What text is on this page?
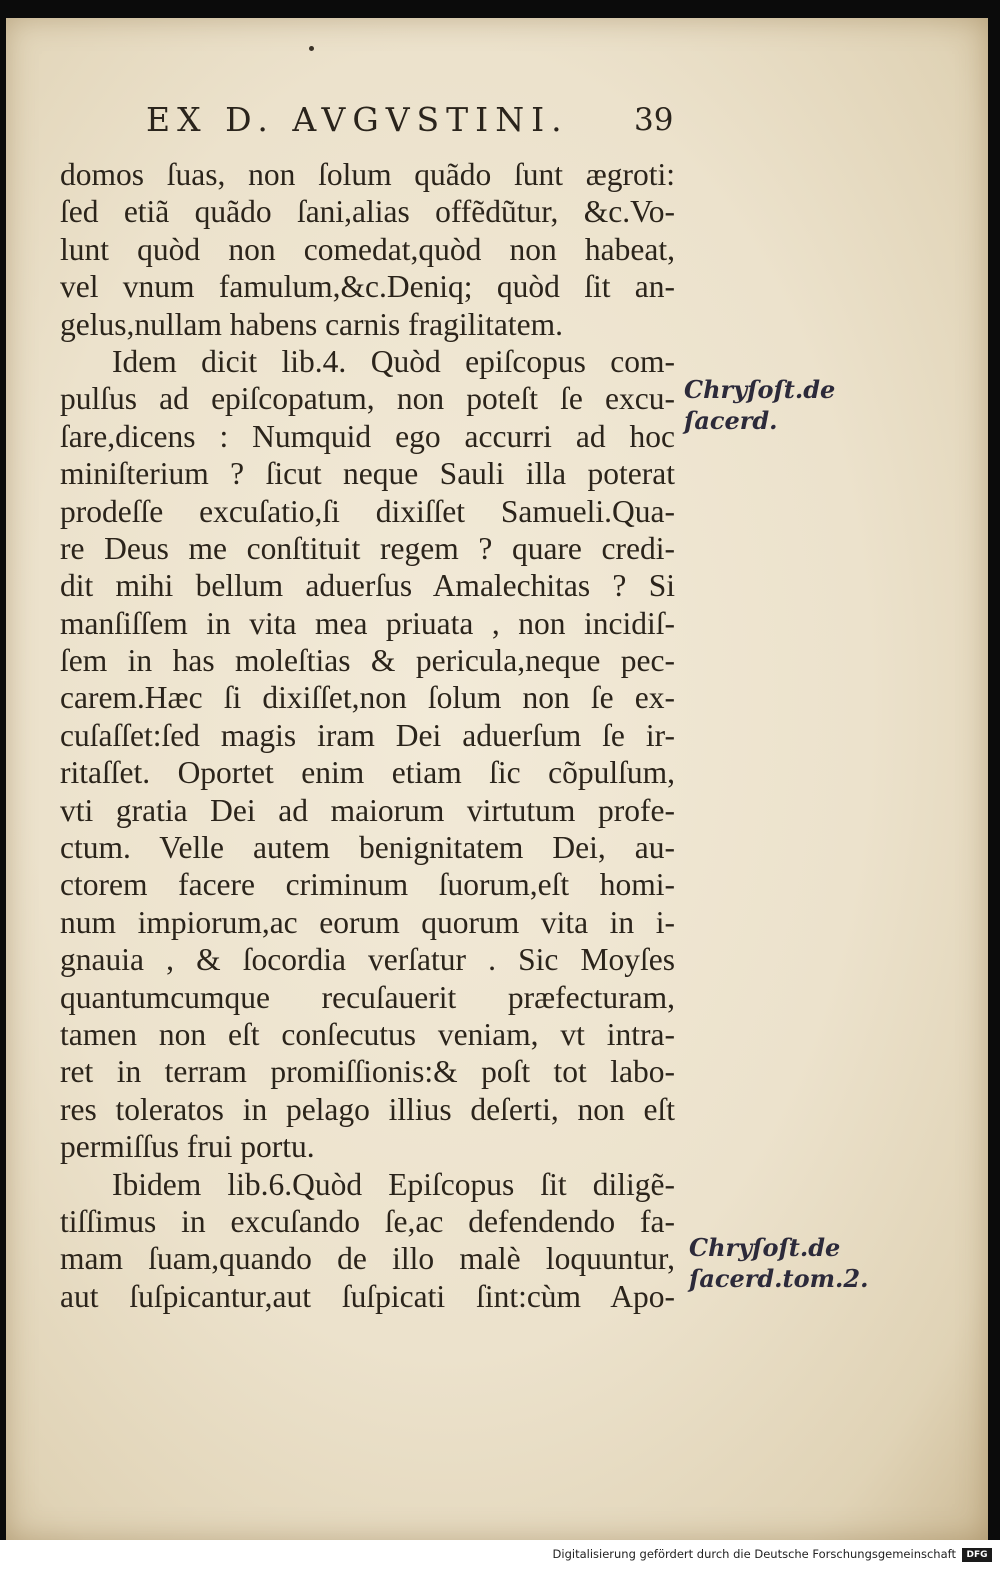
EX D. AVGVSTINI. 39
domos ſuas, non ſolum quãdo ſunt ægroti:
ſed etiã quãdo ſani,alias offẽdũtur, &c.Vo-
lunt quòd non comedat,quòd non habeat,
vel vnum famulum,&c.Deniq; quòd ſit an-
gelus,nullam habens carnis fragilitatem.
Idem dicit lib.4. Quòd epiſcopus com-
pulſus ad epiſcopatum, non poteſt ſe excu-
ſare,dicens : Numquid ego accurri ad hoc
miniſterium ? ſicut neque Sauli illa poterat
prodeſſe excuſatio,ſi dixiſſet Samueli.Qua-
re Deus me conſtituit regem ? quare credi-
dit mihi bellum aduerſus Amalechitas ? Si
manſiſſem in vita mea priuata , non incidiſ-
ſem in has moleſtias & pericula,neque pec-
carem.Hæc ſi dixiſſet,non ſolum non ſe ex-
cuſaſſet:ſed magis iram Dei aduerſum ſe ir-
ritaſſet. Oportet enim etiam ſic cõpulſum,
vti gratia Dei ad maiorum virtutum profe-
ctum. Velle autem benignitatem Dei, au-
ctorem facere criminum ſuorum,eſt homi-
num impiorum,ac eorum quorum vita in i-
gnauia , & ſocordia verſatur . Sic Moyſes
quantumcumque recuſauerit præfecturam,
tamen non eſt conſecutus veniam, vt intra-
ret in terram promiſſionis:& poſt tot labo-
res toleratos in pelago illius deſerti, non eſt
permiſſus frui portu.
Ibidem lib.6.Quòd Epiſcopus ſit diligẽ-
tiſſimus in excuſando ſe,ac defendendo fa-
mam ſuam,quando de illo malè loquuntur,
aut ſuſpicantur,aut ſuſpicati ſint:cùm Apo-
Chryſoſt.de
ſacerd.
Chryſoſt.de
ſacerd.tom.2.
Digitalisierung gefördert durch die Deutsche Forschungsgemeinschaft	DFG
